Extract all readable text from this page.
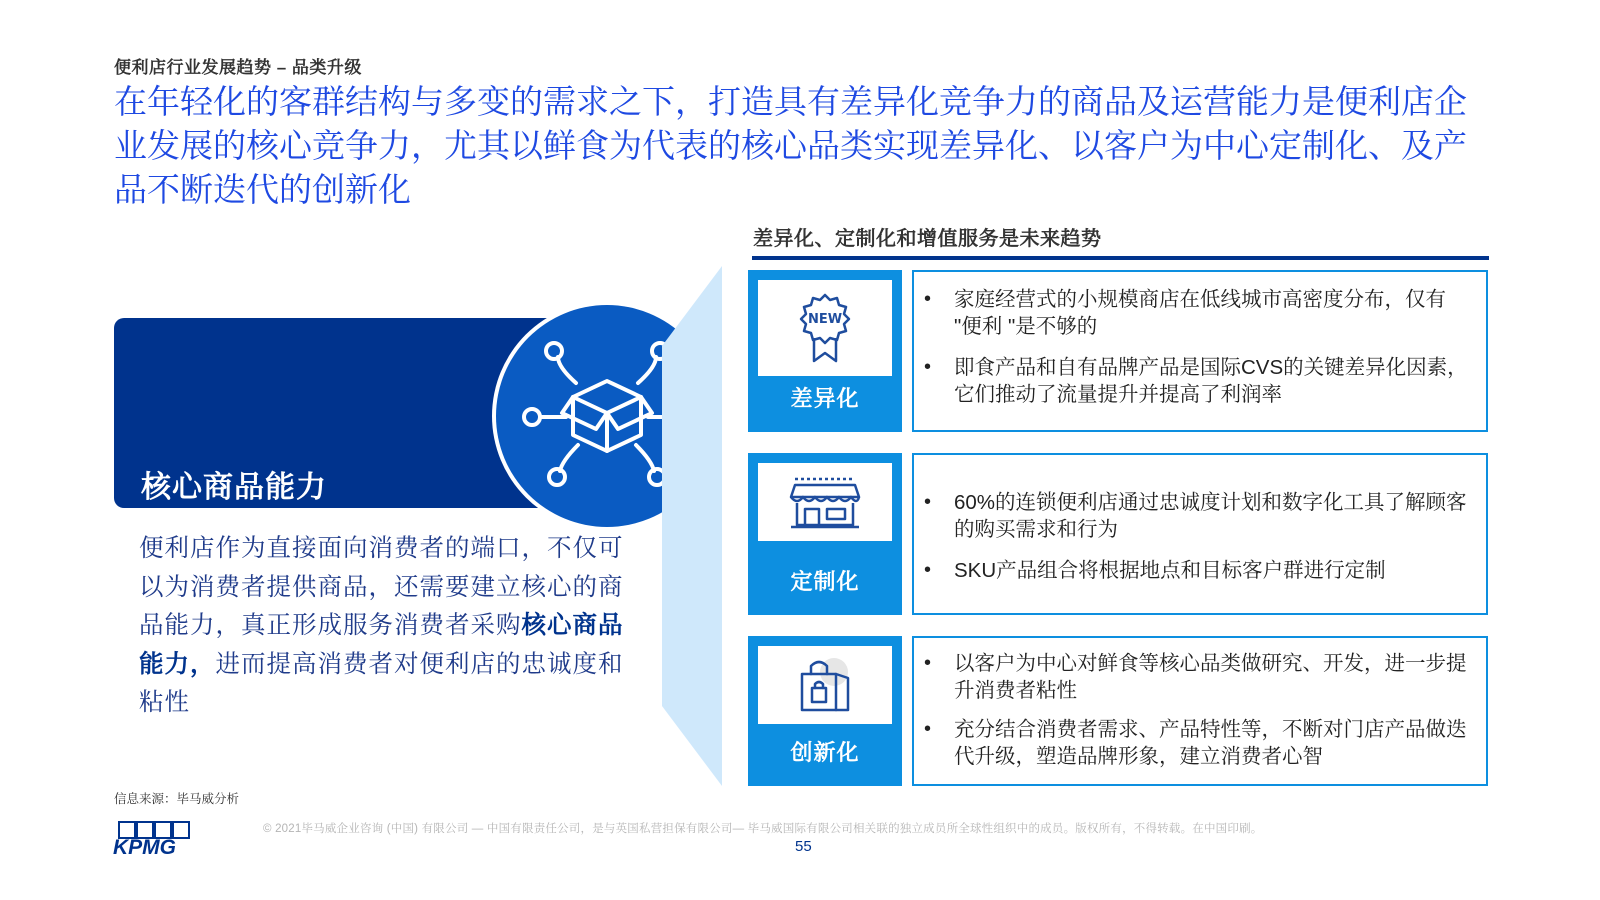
便利店行业发展趋势 – 品类升级
在年轻化的客群结构与多变的需求之下，打造具有差异化竞争力的商品及运营能力是便利店企业发展的核心竞争力，尤其以鲜食为代表的核心品类实现差异化、以客户为中心定制化、及产品不断迭代的创新化
核心商品能力
便利店作为直接面向消费者的端口，不仅可以为消费者提供商品，还需要建立核心的商品能力，真正形成服务消费者采购核心商品能力，进而提高消费者对便利店的忠诚度和粘性
差异化、定制化和增值服务是未来趋势
NEW
差异化
• 家庭经营式的小规模商店在低线城市高密度分布，仅有 "便利 "是不够的
• 即食产品和自有品牌产品是国际CVS的关键差异化因素，它们推动了流量提升并提高了利润率
定制化
• 60%的连锁便利店通过忠诚度计划和数字化工具了解顾客的购买需求和行为
• SKU产品组合将根据地点和目标客户群进行定制
创新化
• 以客户为中心对鲜食等核心品类做研究、开发，进一步提升消费者粘性
• 充分结合消费者需求、产品特性等，不断对门店产品做迭代升级，塑造品牌形象，建立消费者心智
信息来源：毕马威分析
KPMG
© 2021毕马威企业咨询 (中国) 有限公司 — 中国有限责任公司，是与英国私营担保有限公司— 毕马威国际有限公司相关联的独立成员所全球性组织中的成员。版权所有，不得转载。在中国印刷。
55
